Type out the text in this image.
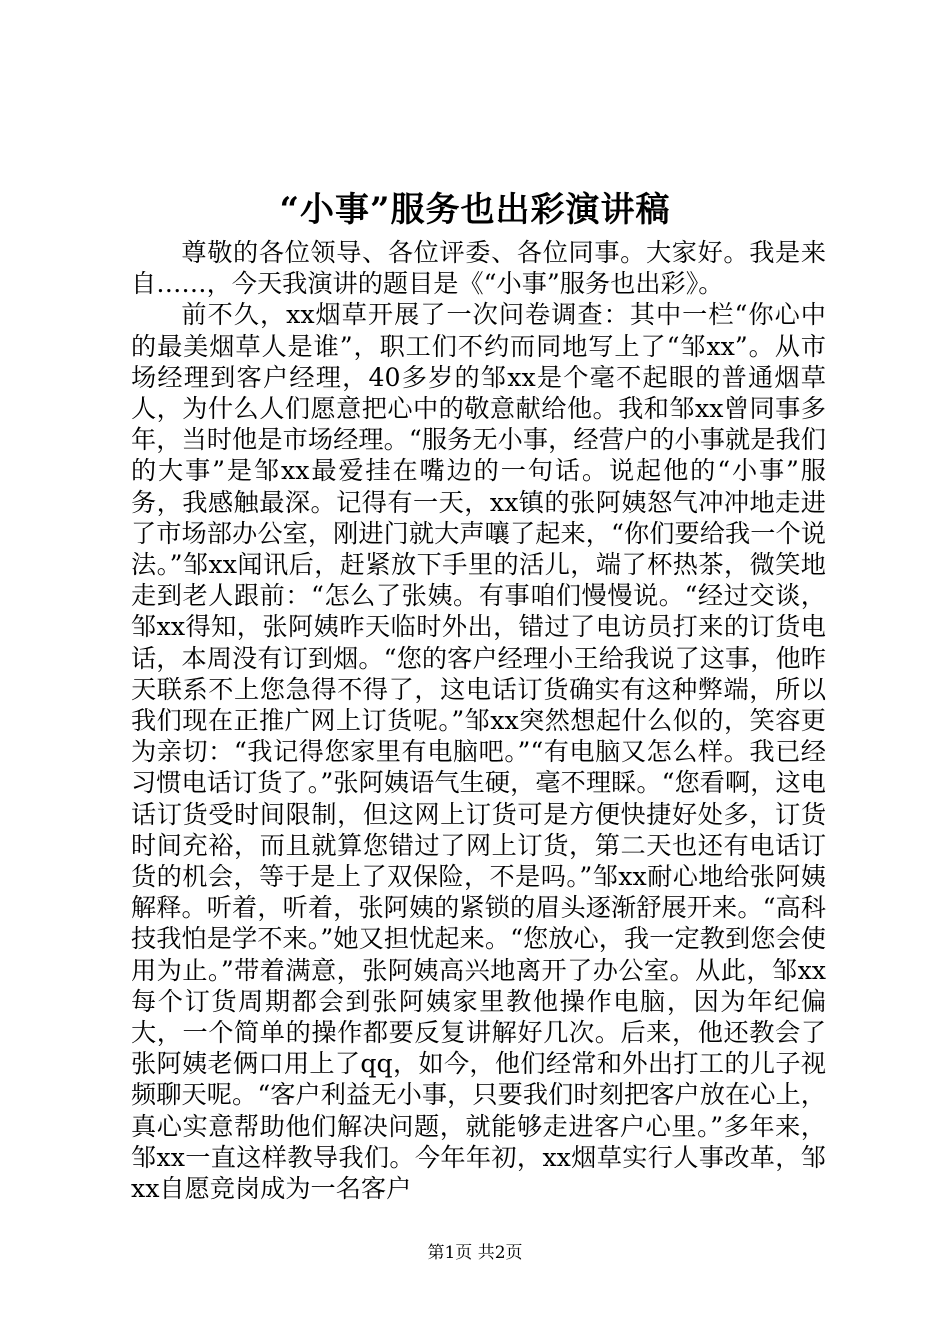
“小事”服务也出彩演讲稿

尊敬的各位领导、各位评委、各位同事。大家好。我是来自……，今天我演讲的题目是《“小事”服务也出彩》。

前不久，xx烟草开展了一次问卷调查：其中一栏“你心中的最美烟草人是谁”，职工们不约而同地写上了“邹xx”。从市场经理到客户经理，40多岁的邹xx是个毫不起眼的普通烟草人，为什么人们愿意把心中的敬意献给他。我和邹xx曾同事多年，当时他是市场经理。“服务无小事，经营户的小事就是我们的大事”是邹xx最爱挂在嘴边的一句话。说起他的“小事”服务，我感触最深。记得有一天，xx镇的张阿姨怒气冲冲地走进了市场部办公室，刚进门就大声嚷了起来，“你们要给我一个说法。”邹xx闻讯后，赶紧放下手里的活儿，端了杯热茶，微笑地走到老人跟前：“怎么了张姨。有事咱们慢慢说。“经过交谈，邹xx得知，张阿姨昨天临时外出，错过了电访员打来的订货电话，本周没有订到烟。“您的客户经理小王给我说了这事，他昨天联系不上您急得不得了，这电话订货确实有这种弊端，所以我们现在正推广网上订货呢。”邹xx突然想起什么似的，笑容更为亲切：“我记得您家里有电脑吧。”“有电脑又怎么样。我已经习惯电话订货了。”张阿姨语气生硬，毫不理睬。“您看啊，这电话订货受时间限制，但这网上订货可是方便快捷好处多，订货时间充裕，而且就算您错过了网上订货，第二天也还有电话订货的机会，等于是上了双保险，不是吗。”邹xx耐心地给张阿姨解释。听着，听着，张阿姨的紧锁的眉头逐渐舒展开来。“高科技我怕是学不来。”她又担忧起来。“您放心，我一定教到您会使用为止。”带着满意，张阿姨高兴地离开了办公室。从此，邹xx每个订货周期都会到张阿姨家里教他操作电脑，因为年纪偏大，一个简单的操作都要反复讲解好几次。后来，他还教会了张阿姨老俩口用上了qq，如今，他们经常和外出打工的儿子视频聊天呢。“客户利益无小事，只要我们时刻把客户放在心上，真心实意帮助他们解决问题，就能够走进客户心里。”多年来，邹xx一直这样教导我们。今年年初，xx烟草实行人事改革，邹xx自愿竞岗成为一名客户

第1页 共2页
